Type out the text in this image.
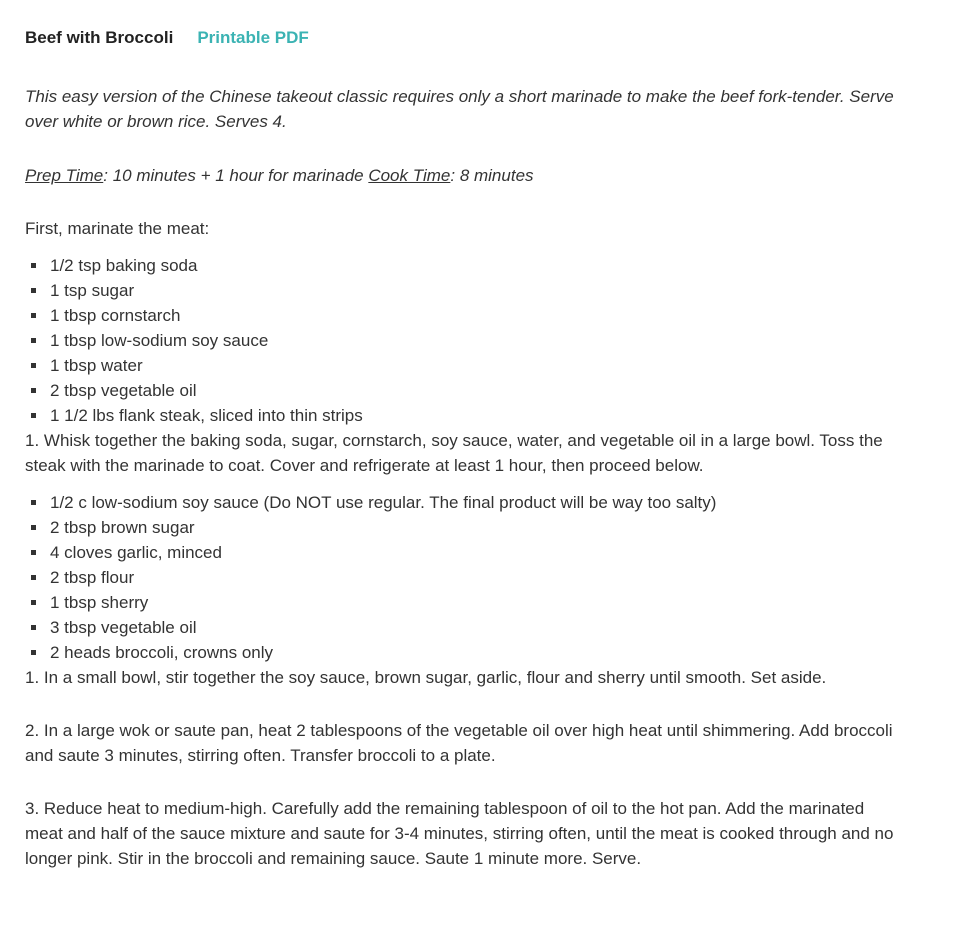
Beef with Broccoli Printable PDF

This easy version of the Chinese takeout classic requires only a short marinade to make the beef fork-tender. Serve over white or brown rice. Serves 4.

Prep Time: 10 minutes + 1 hour for marinade Cook Time: 8 minutes

First, marinate the meat:

1/2 tsp baking soda
1 tsp sugar
1 tbsp cornstarch
1 tbsp low-sodium soy sauce
1 tbsp water
2 tbsp vegetable oil
1 1/2 lbs flank steak, sliced into thin strips

1. Whisk together the baking soda, sugar, cornstarch, soy sauce, water, and vegetable oil in a large bowl. Toss the steak with the marinade to coat. Cover and refrigerate at least 1 hour, then proceed below.

1/2 c low-sodium soy sauce (Do NOT use regular. The final product will be way too salty)
2 tbsp brown sugar
4 cloves garlic, minced
2 tbsp flour
1 tbsp sherry
3 tbsp vegetable oil
2 heads broccoli, crowns only

1. In a small bowl, stir together the soy sauce, brown sugar, garlic, flour and sherry until smooth. Set aside.

2. In a large wok or saute pan, heat 2 tablespoons of the vegetable oil over high heat until shimmering. Add broccoli and saute 3 minutes, stirring often. Transfer broccoli to a plate.

3. Reduce heat to medium-high. Carefully add the remaining tablespoon of oil to the hot pan. Add the marinated meat and half of the sauce mixture and saute for 3-4 minutes, stirring often, until the meat is cooked through and no longer pink. Stir in the broccoli and remaining sauce. Saute 1 minute more. Serve.
